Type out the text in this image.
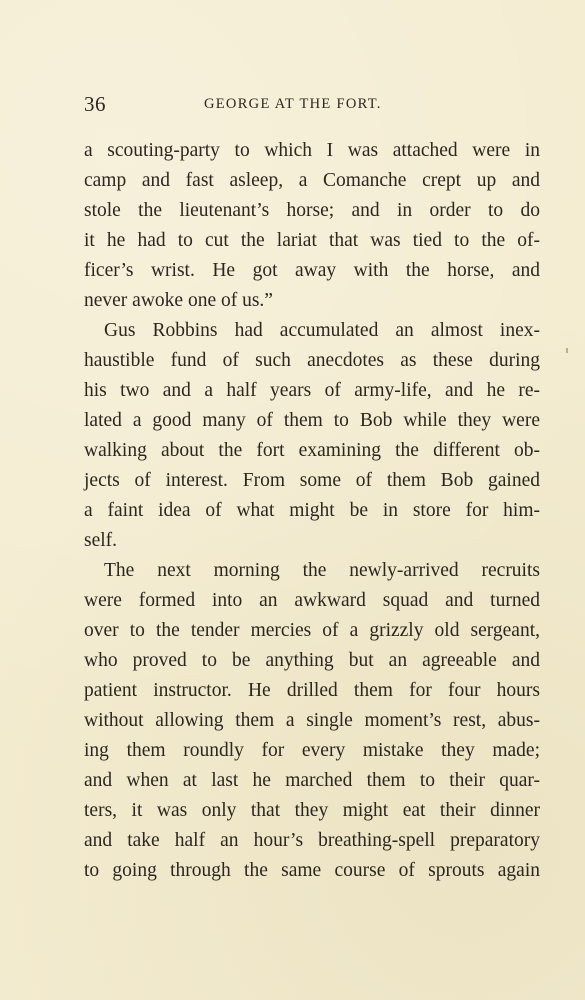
36	GEORGE AT THE FORT.
a scouting-party to which I was attached were in
camp and fast asleep, a Comanche crept up and
stole the lieutenant’s horse; and in order to do
it he had to cut the lariat that was tied to the of-
ficer’s wrist. He got away with the horse, and
never awoke one of us.”
Gus Robbins had accumulated an almost inex-
haustible fund of such anecdotes as these during
his two and a half years of army-life, and he re-
lated a good many of them to Bob while they were
walking about the fort examining the different ob-
jects of interest. From some of them Bob gained
a faint idea of what might be in store for him-
self.
The next morning the newly-arrived recruits
were formed into an awkward squad and turned
over to the tender mercies of a grizzly old sergeant,
who proved to be anything but an agreeable and
patient instructor. He drilled them for four hours
without allowing them a single moment’s rest, abus-
ing them roundly for every mistake they made;
and when at last he marched them to their quar-
ters, it was only that they might eat their dinner
and take half an hour’s breathing-spell preparatory
to going through the same course of sprouts again
